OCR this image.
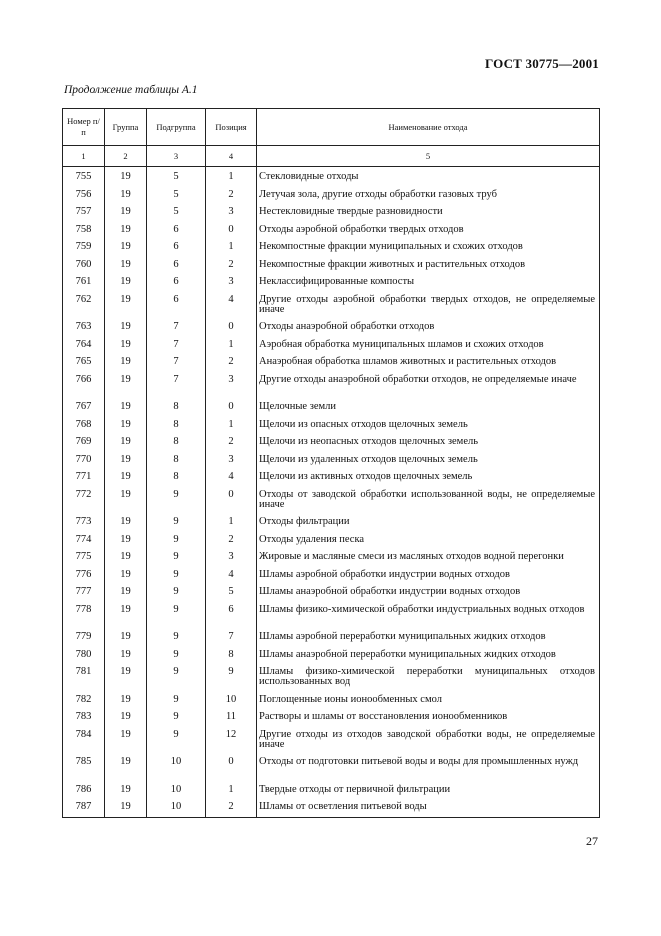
ГОСТ 30775—2001
Продолжение таблицы А.1
Номер п/п	Группа	Подгруппа	Позиция	Наименование отхода
1	2	3	4	5
755	19	5	1	Стекловидные отходы

756	19	5	2	Летучая зола, другие отходы обработки газовых труб

757	19	5	3	Нестекловидные твердые разновидности

758	19	6	0	Отходы аэробной обработки твердых отходов

759	19	6	1	Некомпостные фракции муниципальных и схожих отходов

760	19	6	2	Некомпостные фракции животных и растительных отходов

761	19	6	3	Неклассифицированные компосты

762	19	6	4	Другие отходы аэробной обработки твердых отходов, не определяемые иначе

763	19	7	0	Отходы анаэробной обработки отходов

764	19	7	1	Аэробная обработка муниципальных шламов и схожих отходов

765	19	7	2	Анаэробная обработка шламов животных и растительных отходов

766	19	7	3	Другие отходы анаэробной обработки отходов, не определяемые иначе

767	19	8	0	Щелочные земли

768	19	8	1	Щелочи из опасных отходов щелочных земель

769	19	8	2	Щелочи из неопасных отходов щелочных земель

770	19	8	3	Щелочи из удаленных отходов щелочных земель

771	19	8	4	Щелочи из активных отходов щелочных земель

772	19	9	0	Отходы от заводской обработки использованной воды, не определяемые иначе

773	19	9	1	Отходы фильтрации

774	19	9	2	Отходы удаления песка

775	19	9	3	Жировые и масляные смеси из масляных отходов водной перегонки

776	19	9	4	Шламы аэробной обработки индустрии водных отходов

777	19	9	5	Шламы анаэробной обработки индустрии водных отходов

778	19	9	6	Шламы физико-химической обработки индустриальных водных отходов

779	19	9	7	Шламы аэробной переработки муниципальных жидких отходов

780	19	9	8	Шламы анаэробной переработки муниципальных жидких отходов

781	19	9	9	Шламы физико-химической переработки муниципальных отходов использованных вод

782	19	9	10	Поглощенные ионы ионообменных смол

783	19	9	11	Растворы и шламы от восстановления ионообменников

784	19	9	12	Другие отходы из отходов заводской обработки воды, не определяемые иначе

785	19	10	0	Отходы от подготовки питьевой воды и воды для промышленных нужд

786	19	10	1	Твердые отходы от первичной фильтрации

787	19	10	2	Шламы от осветления питьевой воды
27
